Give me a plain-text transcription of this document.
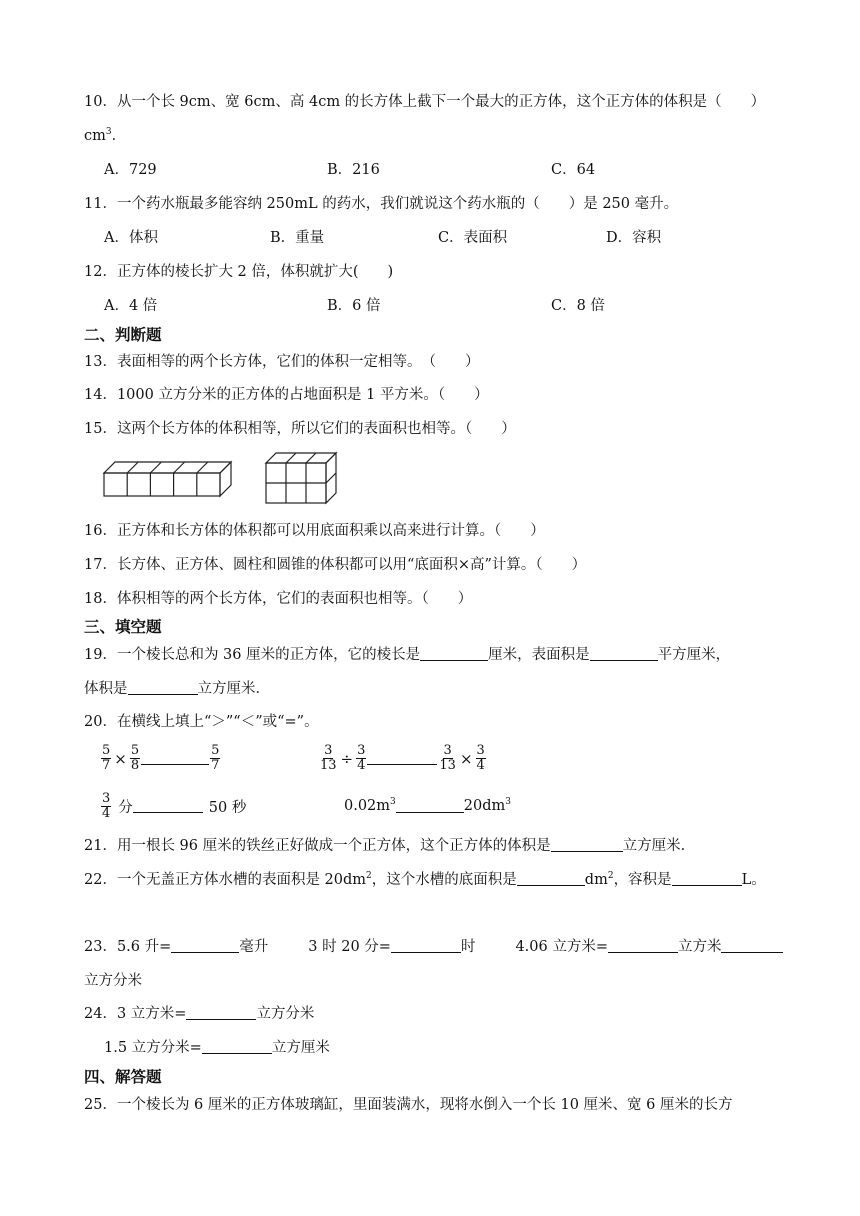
10．从一个长 9cm、宽 6cm、高 4cm 的长方体上截下一个最大的正方体，这个正方体的体积是（　　）
$cm^3$．
A．729	B．216	C．64
11．一个药水瓶最多能容纳 250mL 的药水，我们就说这个药水瓶的（　　）是 250 毫升。
A．体积	B．重量	C．表面积	D．容积
12．正方体的棱长扩大 2 倍，体积就扩大(　　)
A．4 倍	B．6 倍	C．8 倍
二、判断题
13．表面相等的两个长方体，它们的体积一定相等。　（　　）
14．1000 立方分米的正方体的占地面积是 1 平方米。（　　）
15．这两个长方体的体积相等，所以它们的表面积也相等。（　　）
16．正方体和长方体的体积都可以用底面积乘以高来进行计算。（　　）
17．长方体、正方体、圆柱和圆锥的体积都可以用“底面积×高”计算。（　　）
18．体积相等的两个长方体，它们的表面积也相等。（　　）
三、填空题
19．一个棱长总和为 36 厘米的正方体，它的棱长是	厘米，表面积是	平方厘米，
体积是	立方厘米．
20．在横线上填上“＞”“＜”或“=”。
$\frac{5}{7} \times \frac{5}{8}$	$\frac{5}{7}$	$\frac{3}{13} \div \frac{3}{4}$	$\frac{3}{13} \times \frac{3}{4}$
$\frac{3}{4}$ 分	50 秒	$0.02m^3$	$20dm^3$
21．用一根长 96 厘米的铁丝正好做成一个正方体，这个正方体的体积是	立方厘米．
22．一个无盖正方体水槽的表面积是 $20dm^2$，这个水槽的底面积是	$dm^2$，容积是	L。
23．5.6 升=	毫升	3 时 20 分=	时	4.06 立方米=	立方米
立方分米
24．3 立方米=	立方分米
1.5 立方分米=	立方厘米
四、解答题
25．一个棱长为 6 厘米的正方体玻璃缸，里面装满水，现将水倒入一个长 10 厘米、宽 6 厘米的长方
